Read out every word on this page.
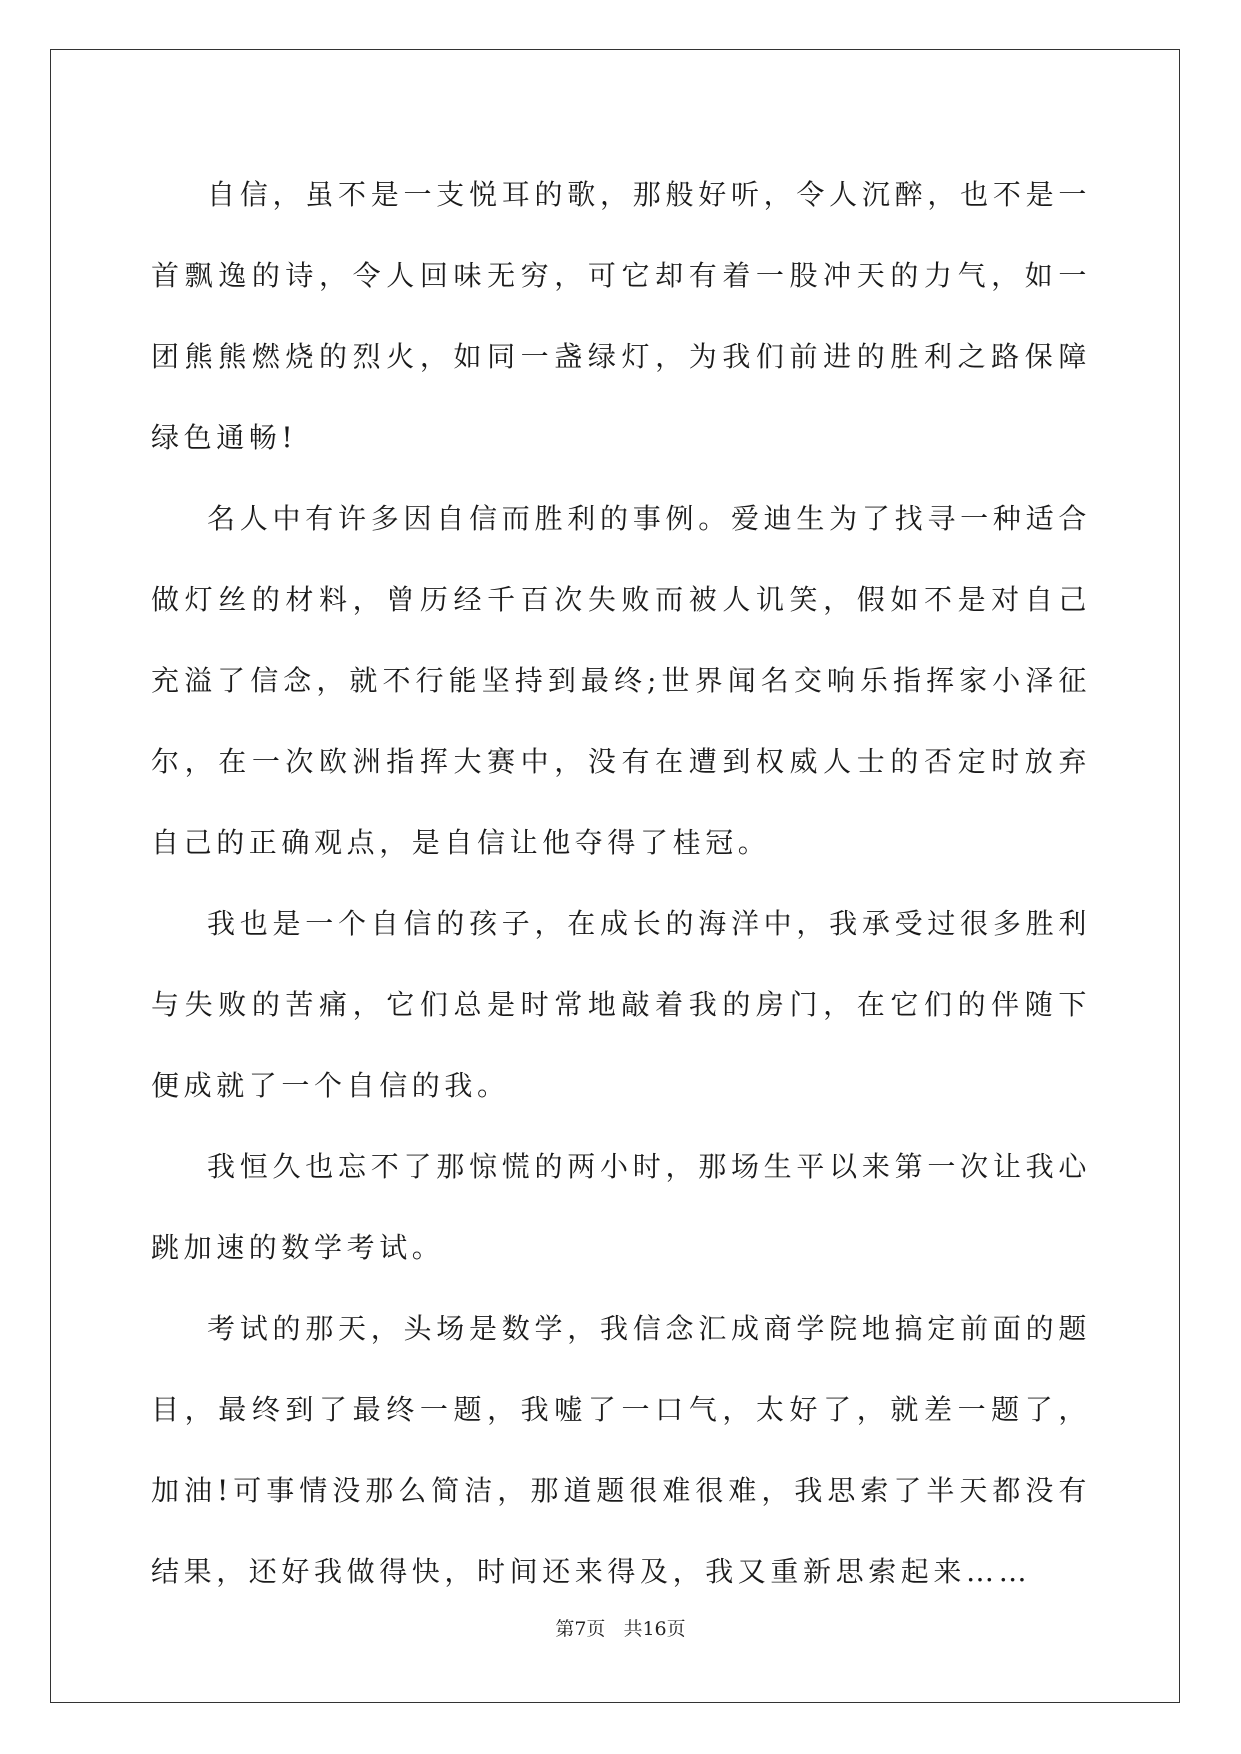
自信，虽不是一支悦耳的歌，那般好听，令人沉醉，也不是一首飘逸的诗，令人回味无穷，可它却有着一股冲天的力气，如一团熊熊燃烧的烈火，如同一盏绿灯，为我们前进的胜利之路保障绿色通畅!

名人中有许多因自信而胜利的事例。爱迪生为了找寻一种适合做灯丝的材料，曾历经千百次失败而被人讥笑，假如不是对自己充溢了信念，就不行能坚持到最终;世界闻名交响乐指挥家小泽征尔，在一次欧洲指挥大赛中，没有在遭到权威人士的否定时放弃自己的正确观点，是自信让他夺得了桂冠。

我也是一个自信的孩子，在成长的海洋中，我承受过很多胜利与失败的苦痛，它们总是时常地敲着我的房门，在它们的伴随下便成就了一个自信的我。

我恒久也忘不了那惊慌的两小时，那场生平以来第一次让我心跳加速的数学考试。

考试的那天，头场是数学，我信念汇成商学院地搞定前面的题目，最终到了最终一题，我嘘了一口气，太好了，就差一题了，加油!可事情没那么简洁，那道题很难很难，我思索了半天都没有结果，还好我做得快，时间还来得及，我又重新思索起来……

第7页 共16页
